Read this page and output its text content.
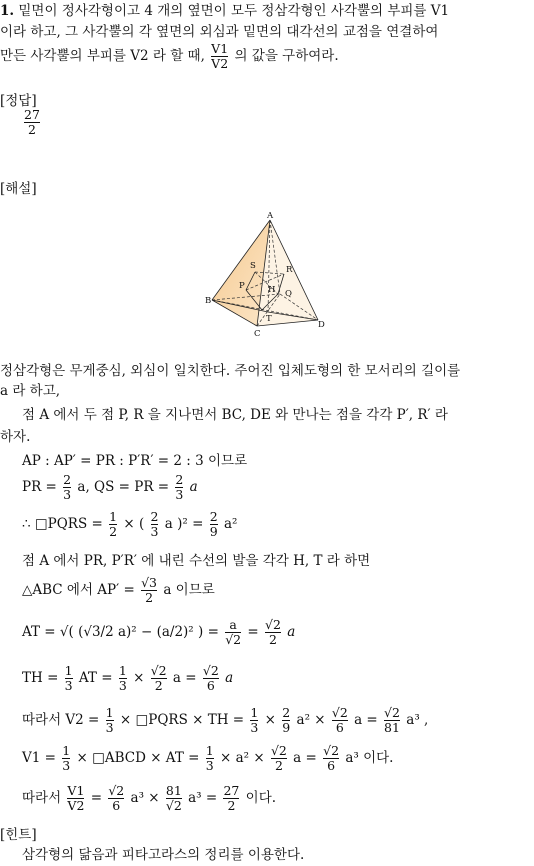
1. 밑면이 정사각형이고 4 개의 옆면이 모두 정삼각형인 사각뿔의 부피를 V1
이라 하고, 그 사각뿔의 각 옆면의 외심과 밑면의 대각선의 교점을 연결하여
만든 사각뿔의 부피를 V2 라 할 때, $\frac{V1}{V2}$ 의 값을 구하여라.
[정답]
$\frac{27}{2}$
[해설]
A
S	R
P	H Q
B
T
D
C
정삼각형은 무게중심, 외심이 일치한다. 주어진 입체도형의 한 모서리의 길이를
a 라 하고,
점 A 에서 두 점 P, R 을 지나면서 BC, DE 와 만나는 점을 각각 P′, R′ 라
하자.
AP : AP′ = PR : P′R′ = 2 : 3 이므로
PR = $\frac{2}{3} a$, QS = PR = $\frac{2}{3}$ a
∴ □PQRS = $\frac{1}{2}$ × ( $\frac{2}{3}$ a )$^2 = \frac{2}{9} a^2$
점 A 에서 PR, P′R′ 에 내린 수선의 발을 각각 H, T 라 하면
△ABC 에서 $AP' = \frac{√3}{2}$ a 이므로
AT = √( (√3/2 a)² − (a/2)² ) = $\frac{a}{√2} = \frac{√2}{2}$ a
TH = $\frac{1}{3}$ AT = $\frac{1}{3} \times \frac{√2}{2}$ $a = \frac{√2}{6}$ a
따라서 $V2 = \frac{1}{3}$ × □PQRS × TH = $\frac{1}{3} \times \frac{2}{9} a^2 \times \frac{√2}{6}$ $a = \frac{√2}{81} a^3$ ,
$V1 = \frac{1}{3}$ × □ABCD × AT = $\frac{1}{3} \times a^2 \times \frac{√2}{2}$ $a = \frac{√2}{6} a^3$ 이다.
따라서 $\frac{V1}{V2} = \frac{√2}{6} a^3 \times \frac{81}{√2} a^3 = \frac{27}{2}$ 이다.
[힌트]
삼각형의 닮음과 피타고라스의 정리를 이용한다.
